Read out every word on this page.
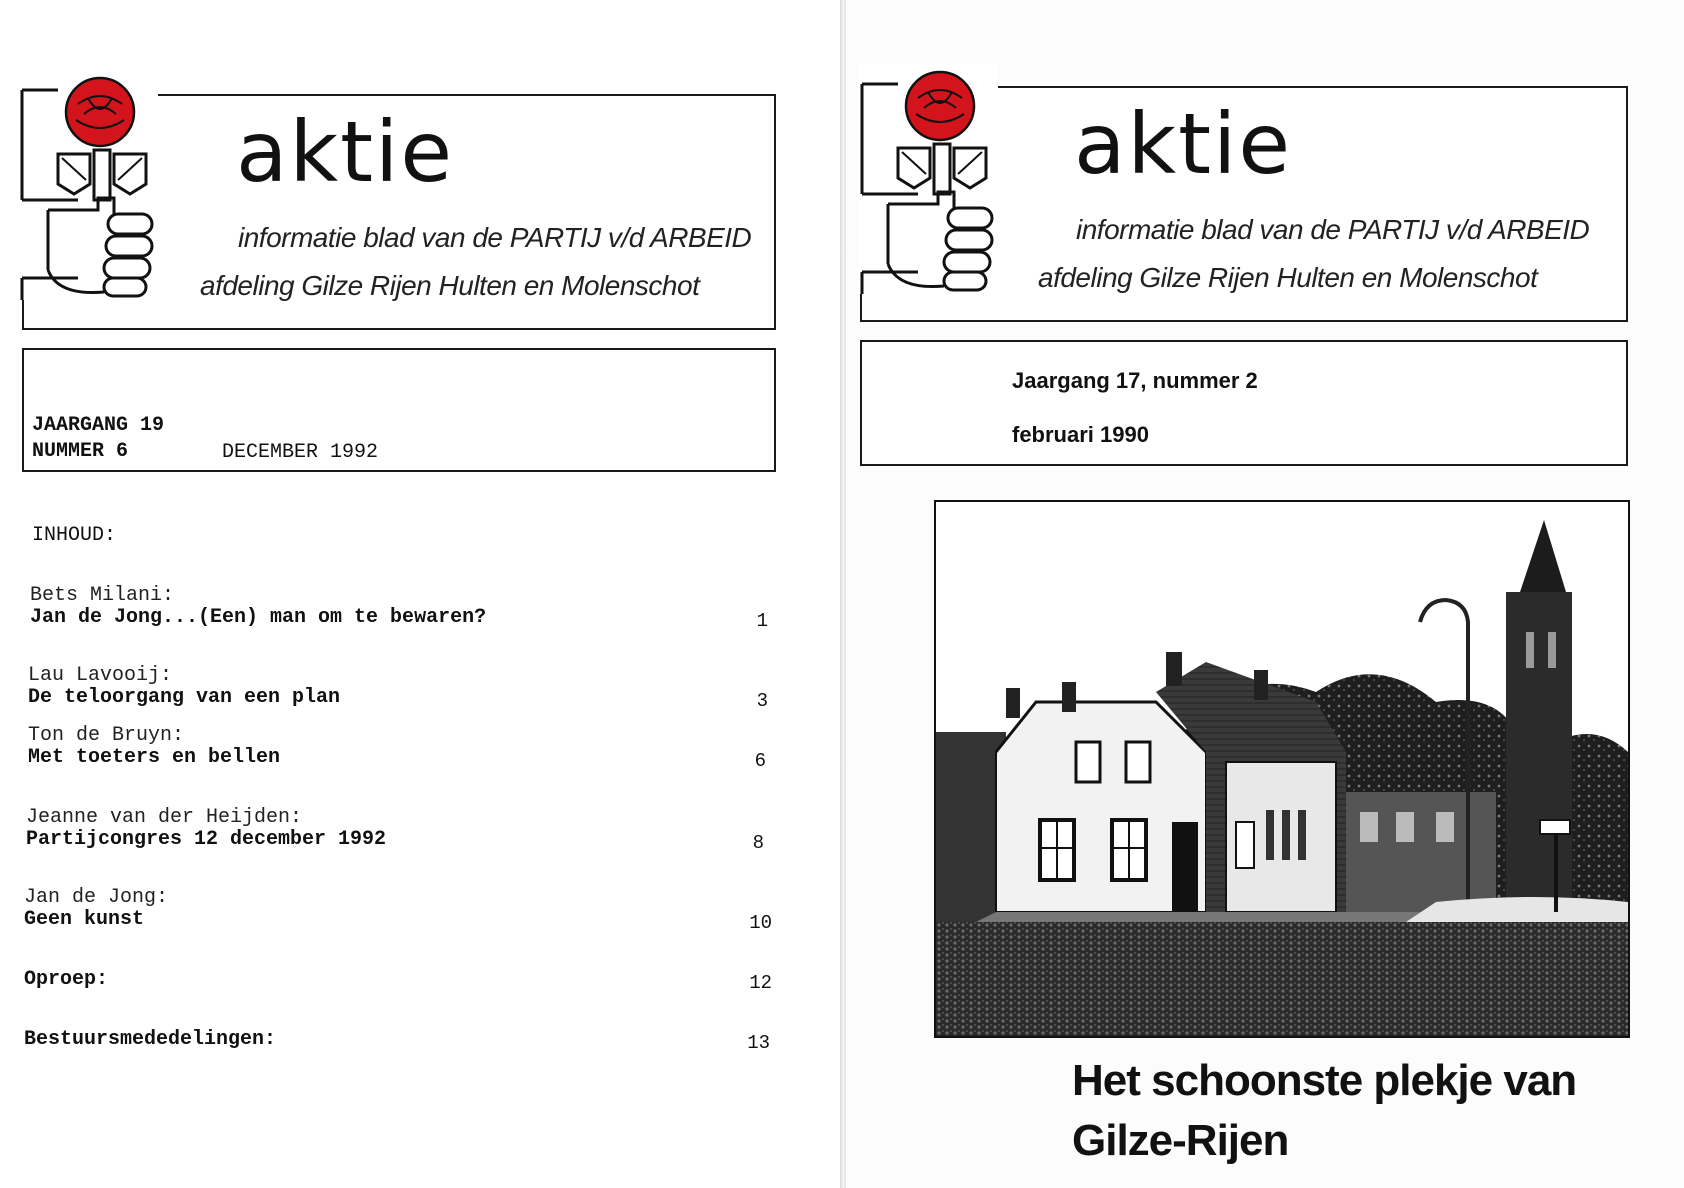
aktie
informatie blad van de PARTIJ v/d ARBEID
afdeling Gilze Rijen Hulten en Molenschot
JAARGANG 19
NUMMER 6	DECEMBER 1992
INHOUD:
Bets Milani:
Jan de Jong...(Een) man om te bewaren?	1
Lau Lavooij:
De teloorgang van een plan	3
Ton de Bruyn:
Met toeters en bellen	6
Jeanne van der Heijden:
Partijcongres 12 december 1992	8
Jan de Jong:
Geen kunst	10
Oproep:	12
Bestuursmededelingen:	13
aktie
informatie blad van de PARTIJ v/d ARBEID
afdeling Gilze Rijen Hulten en Molenschot
Jaargang 17, nummer 2
februari 1990
Het schoonste plekje van
Gilze-Rijen
